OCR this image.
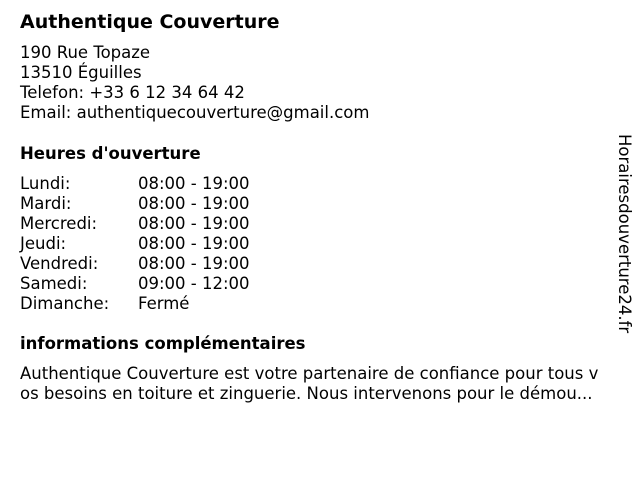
Authentique Couverture
190 Rue Topaze
13510 Éguilles
Telefon: +33 6 12 34 64 42
Email: authentiquecouverture@gmail.com
Heures d'ouverture
Lundi:	08:00 - 19:00
Mardi:	08:00 - 19:00
Mercredi: 08:00 - 19:00
Jeudi:	08:00 - 19:00
Vendredi: 08:00 - 19:00
Samedi:	09:00 - 12:00
Dimanche: Fermé
informations complémentaires
Authentique Couverture est votre partenaire de confiance pour tous v
os besoins en toiture et zinguerie. Nous intervenons pour le démou...
Horairesdouverture24.fr
